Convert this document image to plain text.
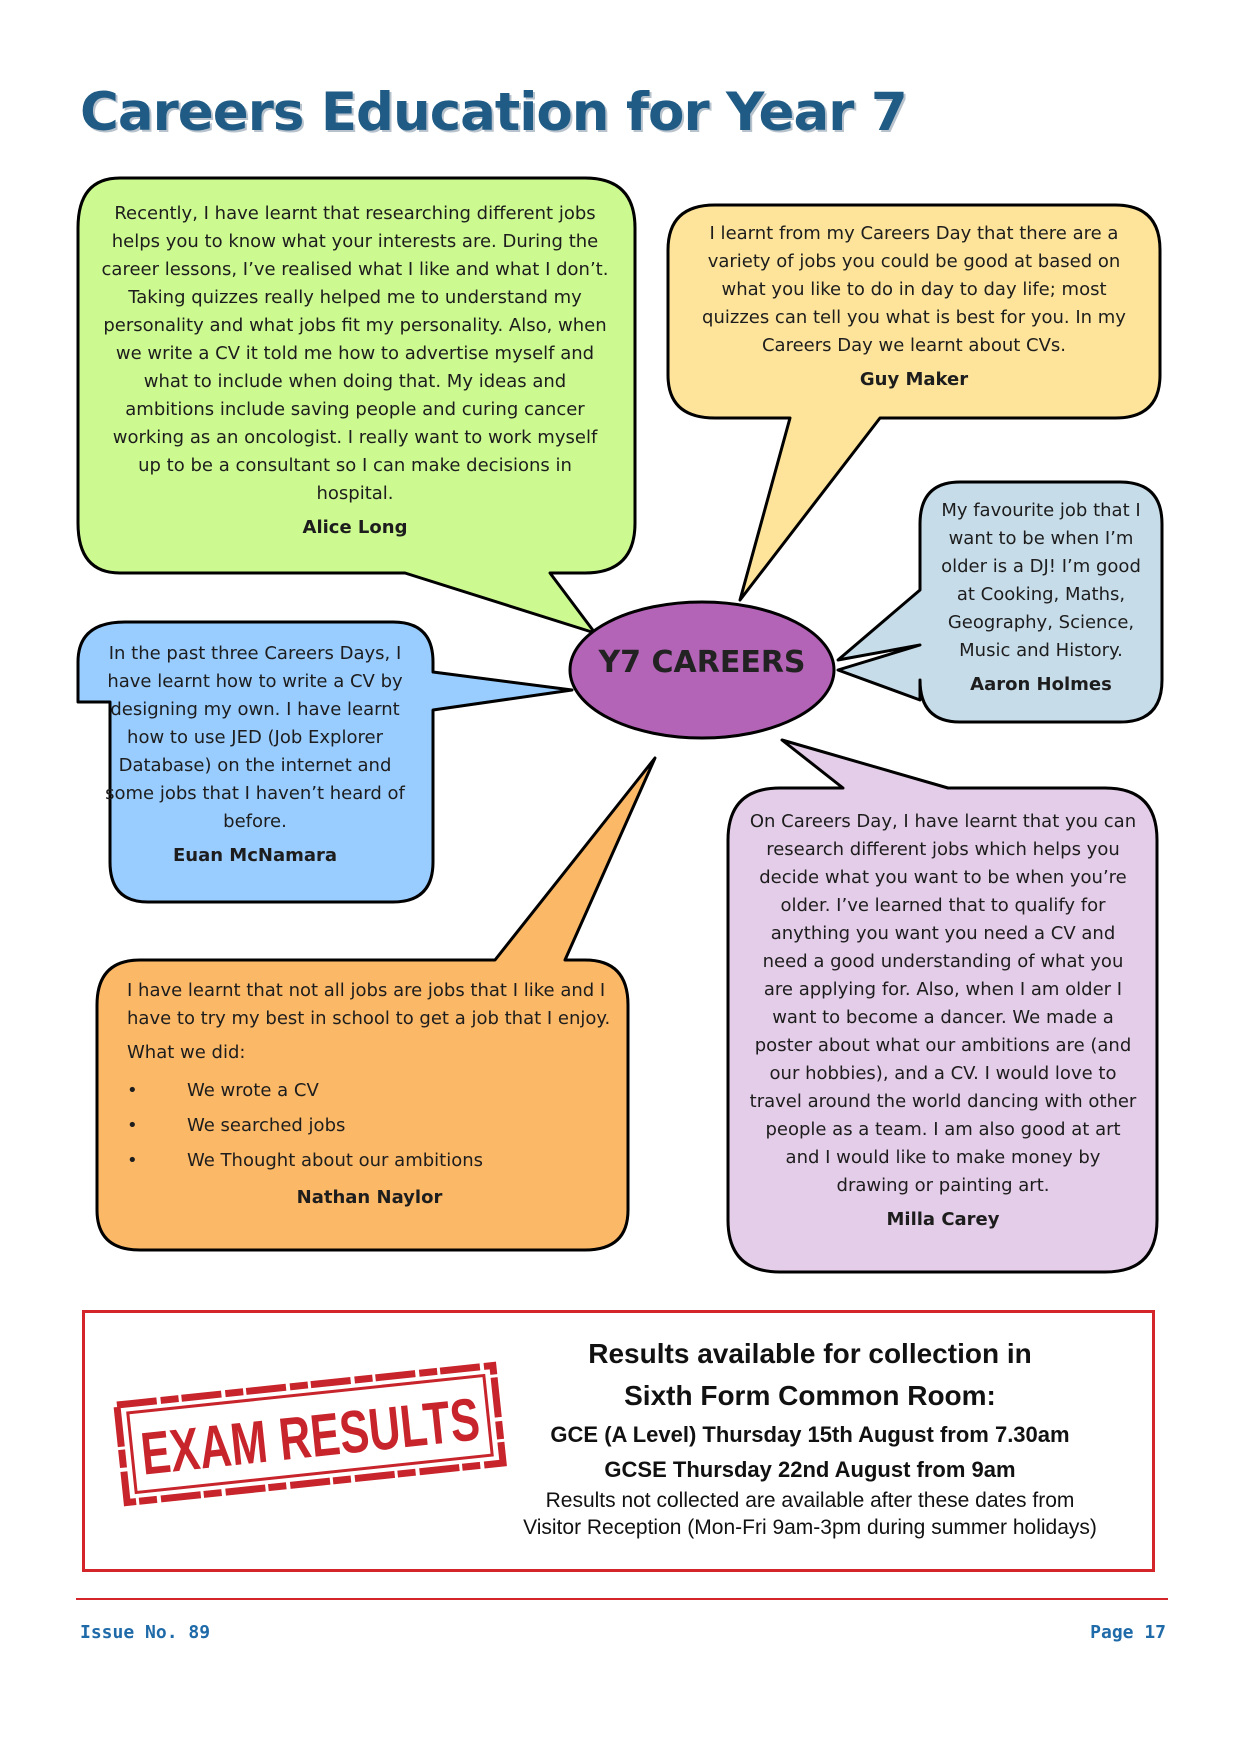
Careers Education for Year 7
Y7 CAREERS
Recently, I have learnt that researching different jobs helps you to know what your interests are. During the career lessons, I’ve realised what I like and what I don’t. Taking quizzes really helped me to understand my personality and what jobs fit my personality. Also, when we write a CV it told me how to advertise myself and what to include when doing that. My ideas and ambitions include saving people and curing cancer working as an oncologist. I really want to work myself up to be a consultant so I can make decisions in hospital.
Alice Long
I learnt from my Careers Day that there are a variety of jobs you could be good at based on what you like to do in day to day life; most quizzes can tell you what is best for you. In my Careers Day we learnt about CVs.
Guy Maker
My favourite job that I want to be when I’m older is a DJ! I’m good at Cooking, Maths, Geography, Science, Music and History.
Aaron Holmes
In the past three Careers Days, I have learnt how to write a CV by designing my own. I have learnt how to use JED (Job Explorer Database) on the internet and some jobs that I haven’t heard of before.
Euan McNamara
I have learnt that not all jobs are jobs that I like and I have to try my best in school to get a job that I enjoy.
What we did:
•	We wrote a CV
•	We searched jobs
•	We Thought about our ambitions
Nathan Naylor
On Careers Day, I have learnt that you can research different jobs which helps you decide what you want to be when you’re older. I’ve learned that to qualify for anything you want you need a CV and need a good understanding of what you are applying for. Also, when I am older I want to become a dancer. We made a poster about what our ambitions are (and our hobbies), and a CV. I would love to travel around the world dancing with other people as a team. I am also good at art and I would like to make money by drawing or painting art.
Milla Carey
EXAM RESULTS
Results available for collection in
Sixth Form Common Room:
GCE (A Level) Thursday 15th August from 7.30am
GCSE Thursday 22nd August from 9am
Results not collected are available after these dates from
Visitor Reception (Mon-Fri 9am-3pm during summer holidays)
Issue No. 89	Page 17
